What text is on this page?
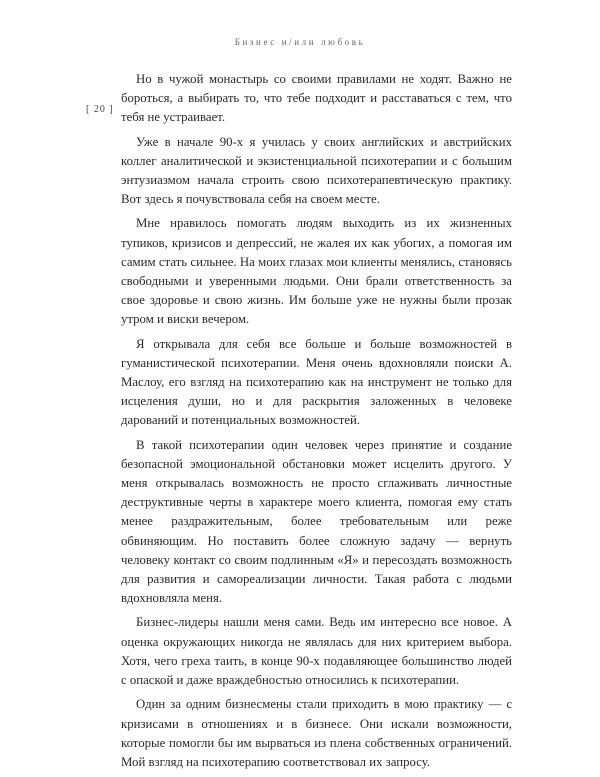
Бизнес и/или любовь
[ 20 ]

Но в чужой монастырь со своими правилами не ходят. Важно не бороться, а выбирать то, что тебе подходит и расставаться с тем, что тебя не устраивает.

Уже в начале 90-х я училась у своих английских и австрийских коллег аналитической и экзистенциальной психотерапии и с большим энтузиазмом начала строить свою психотерапевтическую практику. Вот здесь я почувствовала себя на своем месте.

Мне нравилось помогать людям выходить из их жизненных тупиков, кризисов и депрессий, не жалея их как убогих, а помогая им самим стать сильнее. На моих глазах мои клиенты менялись, становясь свободными и уверенными людьми. Они брали ответственность за свое здоровье и свою жизнь. Им больше уже не нужны были прозак утром и виски вечером.

Я открывала для себя все больше и больше возможностей в гуманистической психотерапии. Меня очень вдохновляли поиски А. Маслоу, его взгляд на психотерапию как на инструмент не только для исцеления души, но и для раскрытия заложенных в человеке дарований и потенциальных возможностей.

В такой психотерапии один человек через принятие и создание безопасной эмоциональной обстановки может исцелить другого. У меня открывалась возможность не просто сглаживать личностные деструктивные черты в характере моего клиента, помогая ему стать менее раздражительным, более требовательным или реже обвиняющим. Но поставить более сложную задачу — вернуть человеку контакт со своим подлинным «Я» и пересоздать возможность для развития и самореализации личности. Такая работа с людьми вдохновляла меня.

Бизнес-лидеры нашли меня сами. Ведь им интересно все новое. А оценка окружающих никогда не являлась для них критерием выбора. Хотя, чего греха таить, в конце 90-х подавляющее большинство людей с опаской и даже враждебностью относились к психотерапии.

Один за одним бизнесмены стали приходить в мою практику — с кризисами в отношениях и в бизнесе. Они искали возможности, которые помогли бы им вырваться из плена собственных ограничений. Мой взгляд на психотерапию соответствовал их запросу.
